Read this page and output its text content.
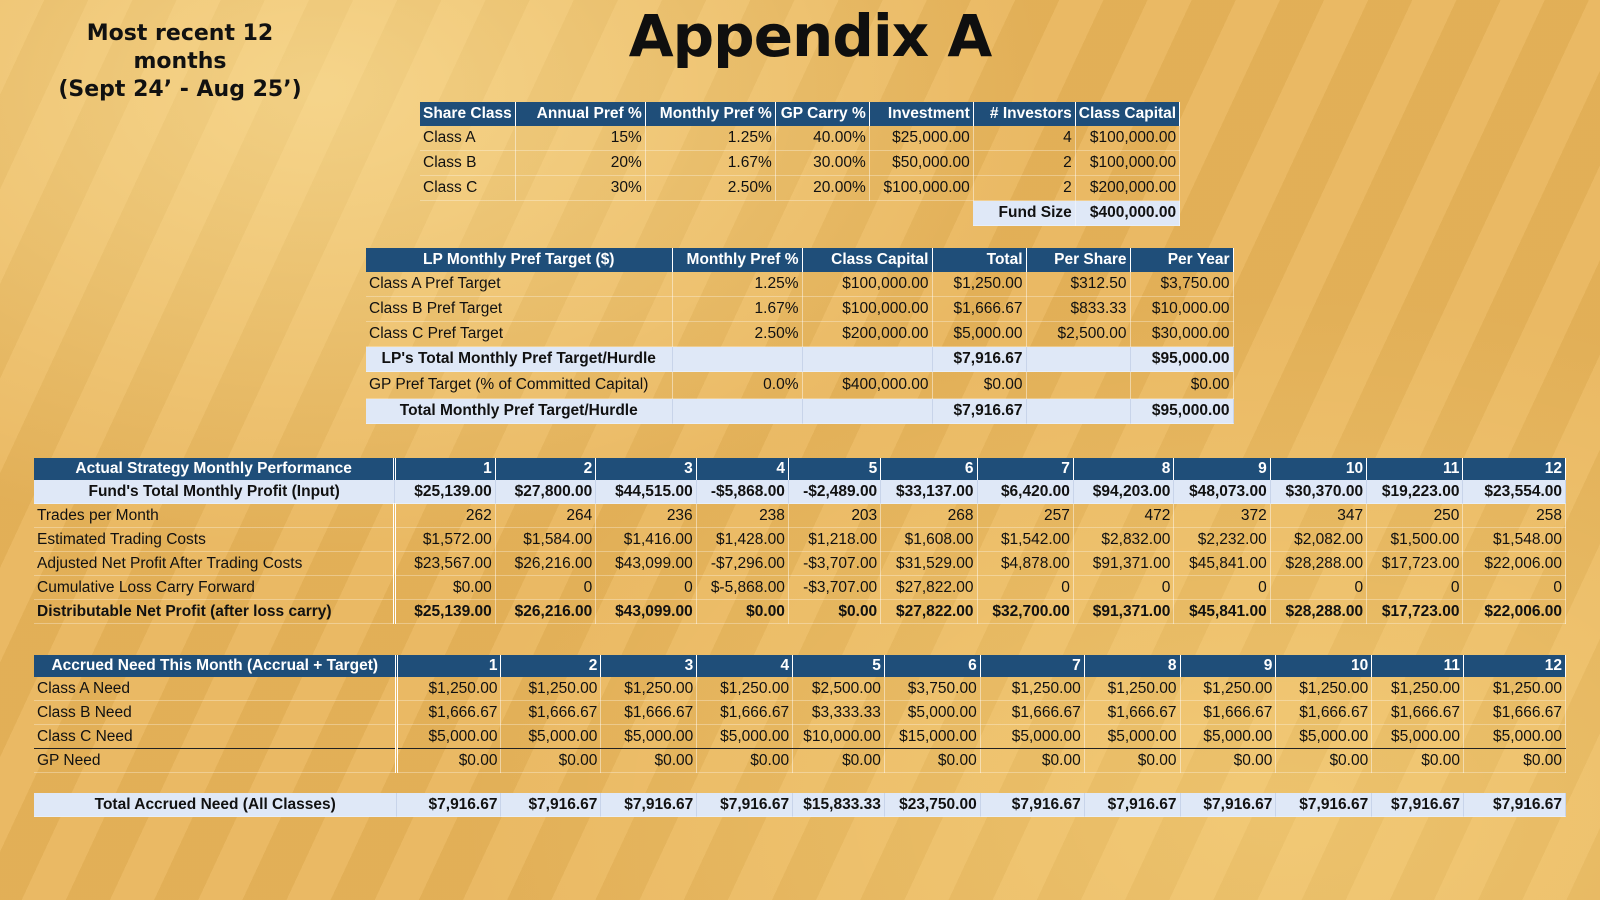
Most recent 12 months
(Sept 24’ - Aug 25’)
Appendix A
Share Class	Annual Pref %	Monthly Pref %	GP Carry %	Investment	# Investors	Class Capital
Class A	15%	1.25%	40.00%	$25,000.00	4	$100,000.00
Class B	20%	1.67%	30.00%	$50,000.00	2	$100,000.00
Class C	30%	2.50%	20.00%	$100,000.00	2	$200,000.00
					Fund Size	$400,000.00
LP Monthly Pref Target ($)	Monthly Pref %	Class Capital	Total	Per Share	Per Year
Class A Pref Target	1.25%	$100,000.00	$1,250.00	$312.50	$3,750.00
Class B Pref Target	1.67%	$100,000.00	$1,666.67	$833.33	$10,000.00
Class C Pref Target	2.50%	$200,000.00	$5,000.00	$2,500.00	$30,000.00
LP's Total Monthly Pref Target/Hurdle			$7,916.67		$95,000.00
GP Pref Target (% of Committed Capital)	0.0%	$400,000.00	$0.00		$0.00
Total Monthly Pref Target/Hurdle			$7,916.67		$95,000.00
Actual Strategy Monthly Performance	1	2	3	4	5	6	7	8	9	10	11	12
Fund's Total Monthly Profit (Input)	$25,139.00	$27,800.00	$44,515.00	-$5,868.00	-$2,489.00	$33,137.00	$6,420.00	$94,203.00	$48,073.00	$30,370.00	$19,223.00	$23,554.00
Trades per Month	262	264	236	238	203	268	257	472	372	347	250	258
Estimated Trading Costs	$1,572.00	$1,584.00	$1,416.00	$1,428.00	$1,218.00	$1,608.00	$1,542.00	$2,832.00	$2,232.00	$2,082.00	$1,500.00	$1,548.00
Adjusted Net Profit After Trading Costs	$23,567.00	$26,216.00	$43,099.00	-$7,296.00	-$3,707.00	$31,529.00	$4,878.00	$91,371.00	$45,841.00	$28,288.00	$17,723.00	$22,006.00
Cumulative Loss Carry Forward	$0.00	0	0	$-5,868.00	-$3,707.00	$27,822.00	0	0	0	0	0	0
Distributable Net Profit (after loss carry)	$25,139.00	$26,216.00	$43,099.00	$0.00	$0.00	$27,822.00	$32,700.00	$91,371.00	$45,841.00	$28,288.00	$17,723.00	$22,006.00
Accrued Need This Month (Accrual + Target)	1	2	3	4	5	6	7	8	9	10	11	12
Class A Need	$1,250.00	$1,250.00	$1,250.00	$1,250.00	$2,500.00	$3,750.00	$1,250.00	$1,250.00	$1,250.00	$1,250.00	$1,250.00	$1,250.00
Class B Need	$1,666.67	$1,666.67	$1,666.67	$1,666.67	$3,333.33	$5,000.00	$1,666.67	$1,666.67	$1,666.67	$1,666.67	$1,666.67	$1,666.67
Class C Need	$5,000.00	$5,000.00	$5,000.00	$5,000.00	$10,000.00	$15,000.00	$5,000.00	$5,000.00	$5,000.00	$5,000.00	$5,000.00	$5,000.00
GP Need	$0.00	$0.00	$0.00	$0.00	$0.00	$0.00	$0.00	$0.00	$0.00	$0.00	$0.00	$0.00

Total Accrued Need (All Classes)	$7,916.67	$7,916.67	$7,916.67	$7,916.67	$15,833.33	$23,750.00	$7,916.67	$7,916.67	$7,916.67	$7,916.67	$7,916.67	$7,916.67
